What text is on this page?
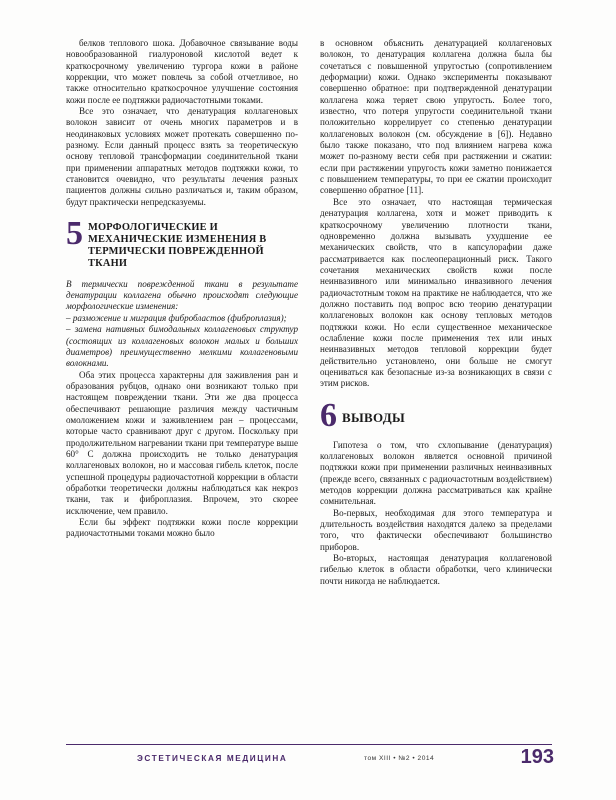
белков теплового шока. Добавочное связывание воды новообразованной гиалуроновой кислотой ведет к краткосрочному увеличению тургора кожи в районе коррекции, что может повлечь за собой отчетливое, но также относительно краткосрочное улучшение состояния кожи после ее подтяжки радиочастотными токами.

Все это означает, что денатурация коллагеновых волокон зависит от очень многих параметров и в неодинаковых условиях может протекать совершенно по-разному. Если данный процесс взять за теоретическую основу тепловой трансформации соединительной ткани при применении аппаратных методов подтяжки кожи, то становится очевидно, что результаты лечения разных пациентов должны сильно различаться и, таким образом, будут практически непредсказуемы.

5 МОРФОЛОГИЧЕСКИЕ И МЕХАНИЧЕСКИЕ ИЗМЕНЕНИЯ В ТЕРМИЧЕСКИ ПОВРЕЖДЕННОЙ ТКАНИ

В термически поврежденной ткани в результате денатурации коллагена обычно происходят следующие морфологические изменения:

– разможение и миграция фибробластов (фиброплазия);

– замена нативных бимодальных коллагеновых структур (состоящих из коллагеновых волокон малых и больших диаметров) преимущественно мелкими коллагеновыми волокнами.

Оба этих процесса характерны для заживления ран и образования рубцов, однако они возникают только при настоящем повреждении ткани. Эти же два процесса обеспечивают решающие различия между частичным омоложением кожи и заживлением ран – процессами, которые часто сравнивают друг с другом. Поскольку при продолжительном нагревании ткани при температуре выше 60° С должна происходить не только денатурация коллагеновых волокон, но и массовая гибель клеток, после успешной процедуры радиочастотной коррекции в области обработки теоретически должны наблюдаться как некроз ткани, так и фиброплазия. Впрочем, это скорее исключение, чем правило.

Если бы эффект подтяжки кожи после коррекции радиочастотными токами можно было

в основном объяснить денатурацией коллагеновых волокон, то денатурация коллагена должна была бы сочетаться с повышенной упругостью (сопротивлением деформации) кожи. Однако эксперименты показывают совершенно обратное: при подтвержденной денатурации коллагена кожа теряет свою упругость. Более того, известно, что потеря упругости соединительной ткани положительно коррелирует со степенью денатурации коллагеновых волокон (см. обсуждение в [6]). Недавно было также показано, что под влиянием нагрева кожа может по-разному вести себя при растяжении и сжатии: если при растяжении упругость кожи заметно понижается с повышением температуры, то при ее сжатии происходит совершенно обратное [11].

Все это означает, что настоящая термическая денатурация коллагена, хотя и может приводить к краткосрочному увеличению плотности ткани, одновременно должна вызывать ухудшение ее механических свойств, что в капсулорафии даже рассматривается как послеоперационный риск. Такого сочетания механических свойств кожи после неинвазивного или минимально инвазивного лечения радиочастотным током на практике не наблюдается, что же должно поставить под вопрос всю теорию денатурации коллагеновых волокон как основу тепловых методов подтяжки кожи. Но если существенное механическое ослабление кожи после применения тех или иных неинвазивных методов тепловой коррекции будет действительно установлено, они больше не смогут оцениваться как безопасные из-за возникающих в связи с этим рисков.

6 ВЫВОДЫ

Гипотеза о том, что схлопывание (денатурация) коллагеновых волокон является основной причиной подтяжки кожи при применении различных неинвазивных (прежде всего, связанных с радиочастотным воздействием) методов коррекции должна рассматриваться как крайне сомнительная.

Во-первых, необходимая для этого температура и длительность воздействия находятся далеко за пределами того, что фактически обеспечивают большинство приборов.

Во-вторых, настоящая денатурация коллагеновой гибелью клеток в области обработки, чего клинически почти никогда не наблюдается.

ЭСТЕТИЧЕСКАЯ МЕДИЦИНА	том XIII • №2 • 2014	193
